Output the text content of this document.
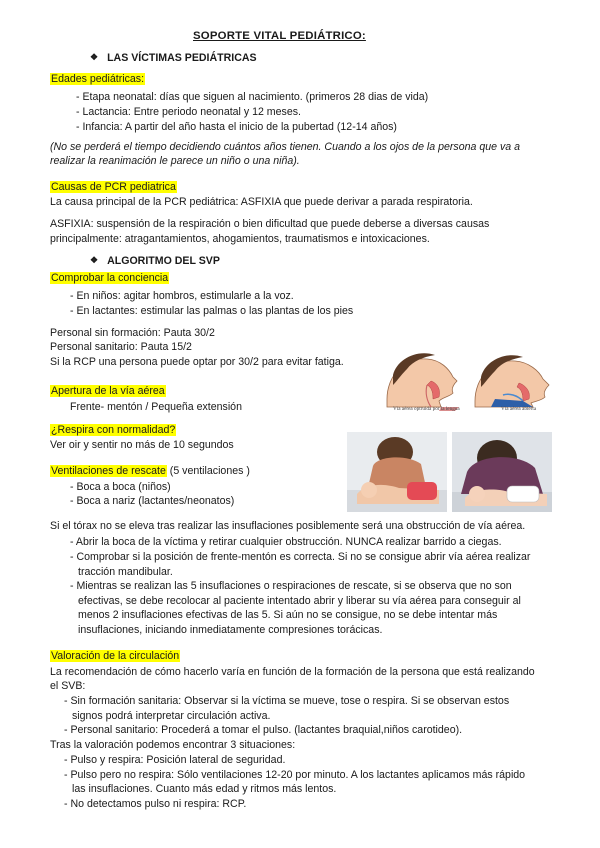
SOPORTE VITAL PEDIÁTRICO:
❖ LAS VÍCTIMAS PEDIÁTRICAS
Edades pediátricas:
- Etapa neonatal: días que siguen al nacimiento. (primeros 28 dias de vida)
- Lactancia: Entre periodo neonatal y 12 meses.
- Infancia: A partir del año hasta el inicio de la pubertad (12-14 años)
(No se perderá el tiempo decidiendo cuántos años tienen. Cuando a los ojos de la persona que va a
realizar la reanimación le parece un niño o una niña).
Causas de PCR pediatrica
La causa principal de la PCR pediátrica: ASFIXIA que puede derivar a parada respiratoria.
ASFIXIA: suspensión de la respiración o bien dificultad que puede deberse a diversas causas
principalmente: atragantamientos, ahogamientos, traumatismos e intoxicaciones.
❖ ALGORITMO DEL SVP
Comprobar la conciencia
- En niños: agitar hombros, estimularle a la voz.
- En lactantes: estimular las palmas o las plantas de los pies
Personal sin formación: Pauta 30/2
Personal sanitario: Pauta 15/2
Si la RCP una persona puede optar por 30/2 para evitar fatiga.
Vía aérea optruida por la lengua	Vía aérea abierta
Apertura de la vía aérea
Frente- mentón / Pequeña extensión
¿Respira con normalidad?
Ver oir y sentir no más de 10 segundos
Ventilaciones de rescate (5 ventilaciones )
- Boca a boca (niños)
- Boca a nariz (lactantes/neonatos)
Si el tórax no se eleva tras realizar las insuflaciones posiblemente será una obstrucción de vía aérea.
- Abrir la boca de la víctima y retirar cualquier obstrucción. NUNCA realizar barrido a ciegas.
- Comprobar si la posición de frente-mentón es correcta. Si no se consigue abrir vía aérea realizar
tracción mandibular.
- Mientras se realizan las 5 insuflaciones o respiraciones de rescate, si se observa que no son
efectivas, se debe recolocar al paciente intentado abrir y liberar su vía aérea para conseguir al
menos 2 insuflaciones efectivas de las 5. Si aún no se consigue, no se debe intentar más
insuflaciones, iniciando inmediatamente compresiones torácicas.
Valoración de la circulación
La recomendación de cómo hacerlo varía en función de la formación de la persona que está realizando
el SVB:
- Sin formación sanitaria: Observar si la víctima se mueve, tose o respira. Si se observan estos
signos podrá interpretar circulación activa.
- Personal sanitario: Procederá a tomar el pulso. (lactantes braquial,niños carotideo).
Tras la valoración podemos encontrar 3 situaciones:
- Pulso y respira: Posición lateral de seguridad.
- Pulso pero no respira: Sólo ventilaciones 12-20 por minuto. A los lactantes aplicamos más rápido
las insuflaciones. Cuanto más edad y ritmos más lentos.
- No detectamos pulso ni respira: RCP.
